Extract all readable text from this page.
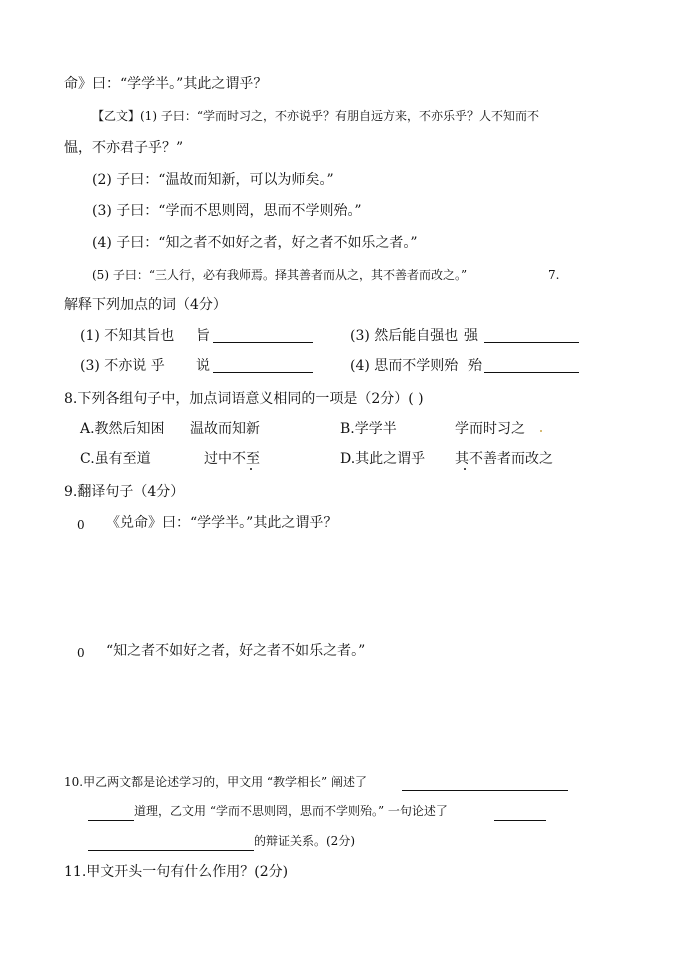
命》曰：“学学半。”其此之谓乎？
【乙文】(1) 子曰：“学而时习之，不亦说乎？有朋自远方来，不亦乐乎？人不知而不
愠，不亦君子乎？”
(2) 子曰：“温故而知新，可以为师矣。”
(3) 子曰：“学而不思则罔，思而不学则殆。”
(4) 子曰：“知之者不如好之者，好之者不如乐之者。”
(5) 子曰：“三人行，必有我师焉。择其善者而从之，其不善者而改之。”	7.
解释下列加点的词（4分）
(1) 不知其旨也 旨	(3) 然后能自强也 强
(3) 不亦说 乎 说	(4) 思而不学则殆 殆
8.下列各组句子中，加点词语意义相同的一项是（2分）( )
A.教然后知困 温故而知新	B.学学半	学而时习之
C.虽有至道	过中不至	D.其此之谓乎 其不善者而改之
9.翻译句子（4分）
0 《兑命》曰：“学学半。”其此之谓乎？
0 “知之者不如好之者，好之者不如乐之者。”
10.甲乙两文都是论述学习的，甲文用 “教学相长” 阐述了
道理，乙文用 “学而不思则罔，思而不学则殆。” 一句论述了
的辩证关系。(2分)
11.甲文开头一句有什么作用？(2分)
